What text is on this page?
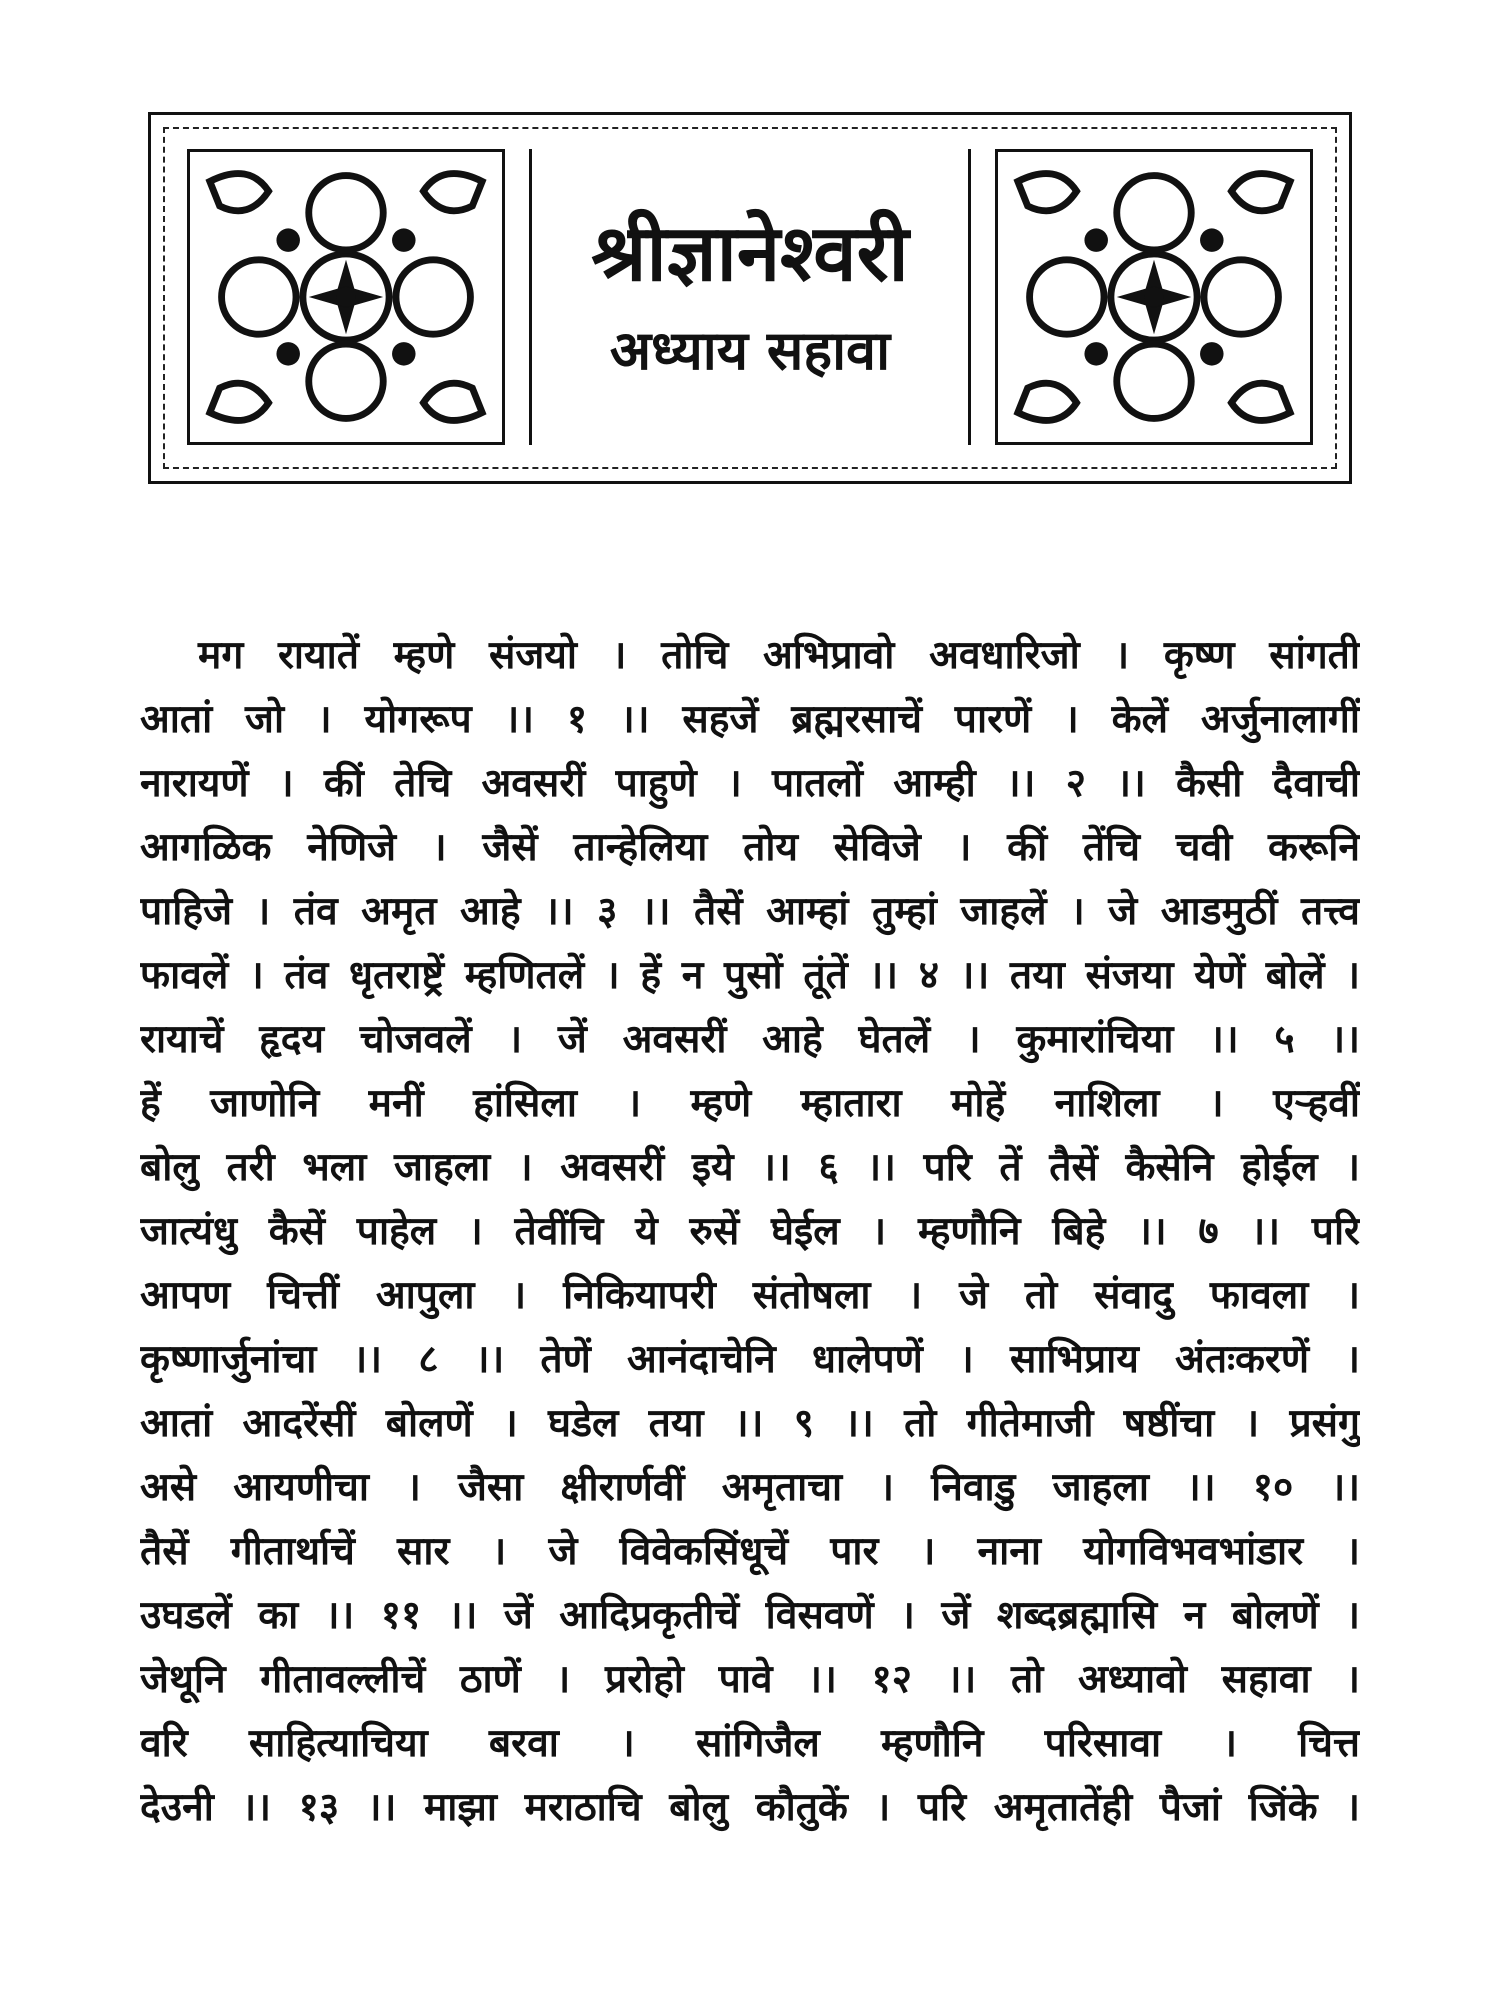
श्रीज्ञानेश्वरी
अध्याय सहावा
मग रायातें म्हणे संजयो । तोचि अभिप्रावो अवधारिजो । कृष्ण सांगती
आतां जो । योगरूप ।। १ ।। सहजें ब्रह्मरसाचें पारणें । केलें अर्जुनालागीं
नारायणें । कीं तेचि अवसरीं पाहुणे । पातलों आम्ही ।। २ ।। कैसी दैवाची
आगळिक नेणिजे । जैसें तान्हेलिया तोय सेविजे । कीं तेंचि चवी करूनि
पाहिजे । तंव अमृत आहे ।। ३ ।। तैसें आम्हां तुम्हां जाहलें । जे आडमुठीं तत्त्व
फावलें । तंव धृतराष्ट्रें म्हणितलें । हें न पुसों तूंतें ।। ४ ।। तया संजया येणें बोलें ।
रायाचें हृदय चोजवलें । जें अवसरीं आहे घेतलें । कुमारांचिया ।। ५ ।।
हें जाणोनि मनीं हांसिला । म्हणे म्हातारा मोहें नाशिला । एऱ्हवीं
बोलु तरी भला जाहला । अवसरीं इये ।। ६ ।। परि तें तैसें कैसेनि होईल ।
जात्यंधु कैसें पाहेल । तेवींचि ये रुसें घेईल । म्हणौनि बिहे ।। ७ ।। परि
आपण चित्तीं आपुला । निकियापरी संतोषला । जे तो संवादु फावला ।
कृष्णार्जुनांचा ।। ८ ।। तेणें आनंदाचेनि धालेपणें । साभिप्राय अंतःकरणें ।
आतां आदरेंसीं बोलणें । घडेल तया ।। ९ ।। तो गीतेमाजी षष्ठींचा । प्रसंगु
असे आयणीचा । जैसा क्षीरार्णवीं अमृताचा । निवाडु जाहला ।। १० ।।
तैसें गीतार्थाचें सार । जे विवेकसिंधूचें पार । नाना योगविभवभांडार ।
उघडलें का ।। ११ ।। जें आदिप्रकृतीचें विसवणें । जें शब्दब्रह्मासि न बोलणें ।
जेथूनि गीतावल्लीचें ठाणें । प्ररोहो पावे ।। १२ ।। तो अध्यावो सहावा ।
वरि साहित्याचिया बरवा । सांगिजैल म्हणौनि परिसावा । चित्त
देउनी ।। १३ ।। माझा मराठाचि बोलु कौतुकें । परि अमृतातेंही पैजां जिंके ।
